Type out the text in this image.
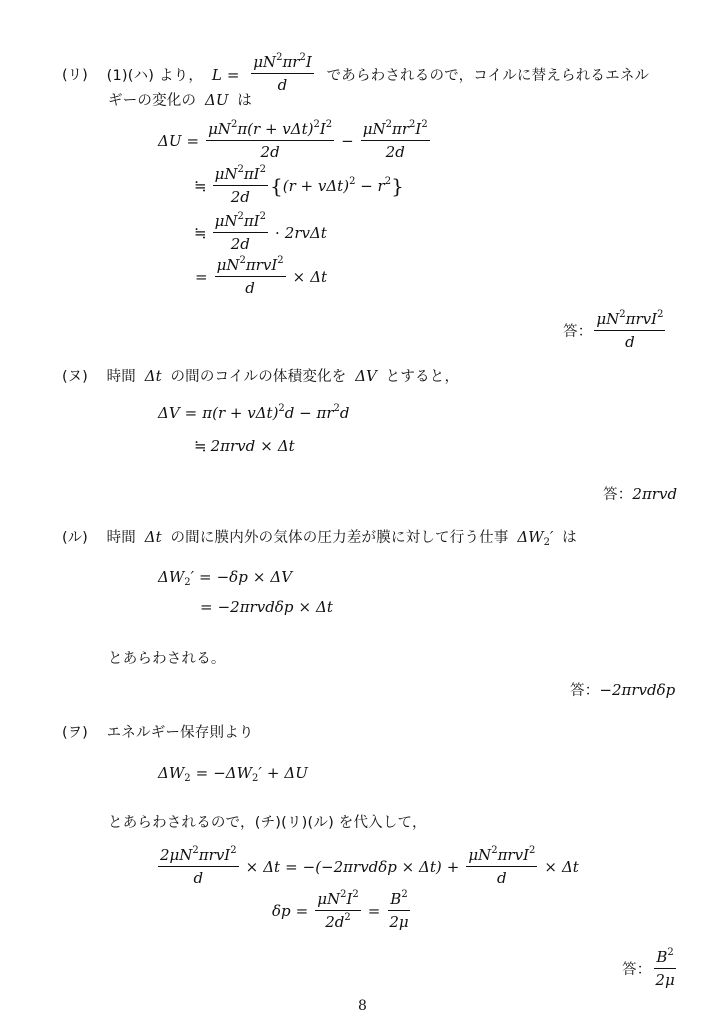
(リ) (1)(ハ) より， $L = \frac{\mu N^2\pi r^2I}{d}$ であらわされるので，コイルに替えられるエネル
ギーの変化の ΔU は
$\Delta U = \frac{\mu N^2\pi(r + v\Delta t)^2I^2}{2d} - \frac{\mu N^2\pi r^2I^2}{2d}$
≒ $\frac{\mu N^2\pi I^2}{2d}$ { $(r + v\Delta t)^2 - r^2$ }
≒ $\frac{\mu N^2\pi I^2}{2d} \cdot 2rv\Delta t$
= $\frac{\mu N^2\pi rvI^2}{d} \times \Delta t$
答： $\frac{\mu N^2\pi rvI^2}{d}$
(ヌ) 時間 Δt の間のコイルの体積変化を ΔV とすると，
$\Delta V = \pi(r + v\Delta t)^2d - \pi r^2d$
≒ 2πrvd × Δt
答： 2πrvd
(ル) 時間 Δt の間に膜内外の気体の圧力差が膜に対して行う仕事 $\Delta W_2'$ は
$\Delta W_2' = -\delta p \times \Delta V$
= −2πrvdδp × Δt
とあらわされる。
答： −2πrvdδp
(ヲ) エネルギー保存則より
$\Delta W_2 = -\Delta W_2' + \Delta U$
とあらわされるので，(チ)(リ)(ル) を代入して，
$\frac{2\mu N^2\pi rvI^2}{d} \times \Delta t = -(-2\pi rvd\delta p \times \Delta t) + \frac{\mu N^2\pi rvI^2}{d} \times \Delta t$
$\delta p = \frac{\mu N^2I^2}{2d^2} = \frac{B^2}{2\mu}$
答： $\frac{B^2}{2\mu}$
8
